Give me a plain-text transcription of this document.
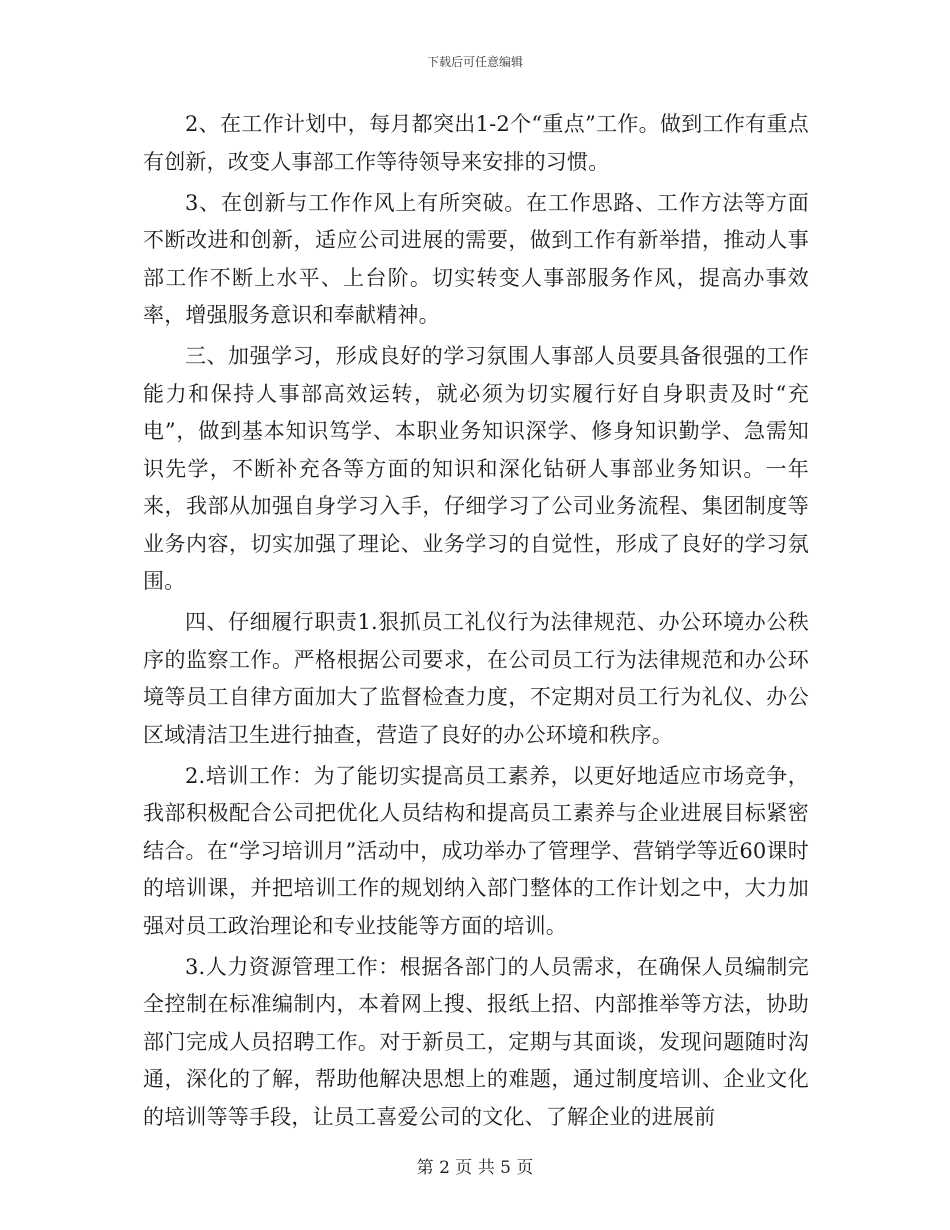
下载后可任意编辑

2、在工作计划中，每月都突出1-2个“重点”工作。做到工作有重点有创新，改变人事部工作等待领导来安排的习惯。

3、在创新与工作作风上有所突破。在工作思路、工作方法等方面不断改进和创新，适应公司进展的需要，做到工作有新举措，推动人事部工作不断上水平、上台阶。切实转变人事部服务作风，提高办事效率，增强服务意识和奉献精神。

三、加强学习，形成良好的学习氛围人事部人员要具备很强的工作能力和保持人事部高效运转，就必须为切实履行好自身职责及时“充电”，做到基本知识笃学、本职业务知识深学、修身知识勤学、急需知识先学，不断补充各等方面的知识和深化钻研人事部业务知识。一年来，我部从加强自身学习入手，仔细学习了公司业务流程、集团制度等业务内容，切实加强了理论、业务学习的自觉性，形成了良好的学习氛围。

四、仔细履行职责1.狠抓员工礼仪行为法律规范、办公环境办公秩序的监察工作。严格根据公司要求，在公司员工行为法律规范和办公环境等员工自律方面加大了监督检查力度，不定期对员工行为礼仪、办公区域清洁卫生进行抽查，营造了良好的办公环境和秩序。

2.培训工作：为了能切实提高员工素养，以更好地适应市场竞争，我部积极配合公司把优化人员结构和提高员工素养与企业进展目标紧密结合。在“学习培训月”活动中，成功举办了管理学、营销学等近60课时的培训课，并把培训工作的规划纳入部门整体的工作计划之中，大力加强对员工政治理论和专业技能等方面的培训。

3.人力资源管理工作：根据各部门的人员需求，在确保人员编制完全控制在标准编制内，本着网上搜、报纸上招、内部推举等方法，协助部门完成人员招聘工作。对于新员工，定期与其面谈，发现问题随时沟通，深化的了解，帮助他解决思想上的难题，通过制度培训、企业文化的培训等等手段，让员工喜爱公司的文化、了解企业的进展前

第 2 页 共 5 页
